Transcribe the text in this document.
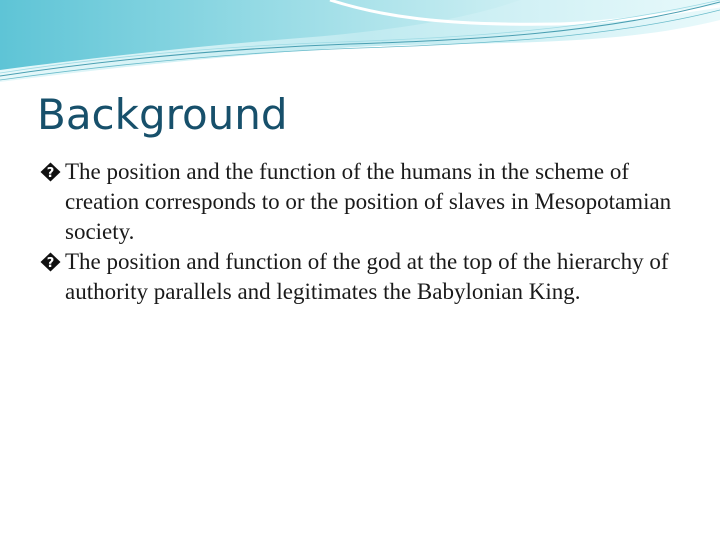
Background
? The position and the function of the humans in the scheme of creation corresponds to or the position of slaves in Mesopotamian society.
? The position and function of the god at the top of the hierarchy of authority parallels and legitimates the Babylonian King.
